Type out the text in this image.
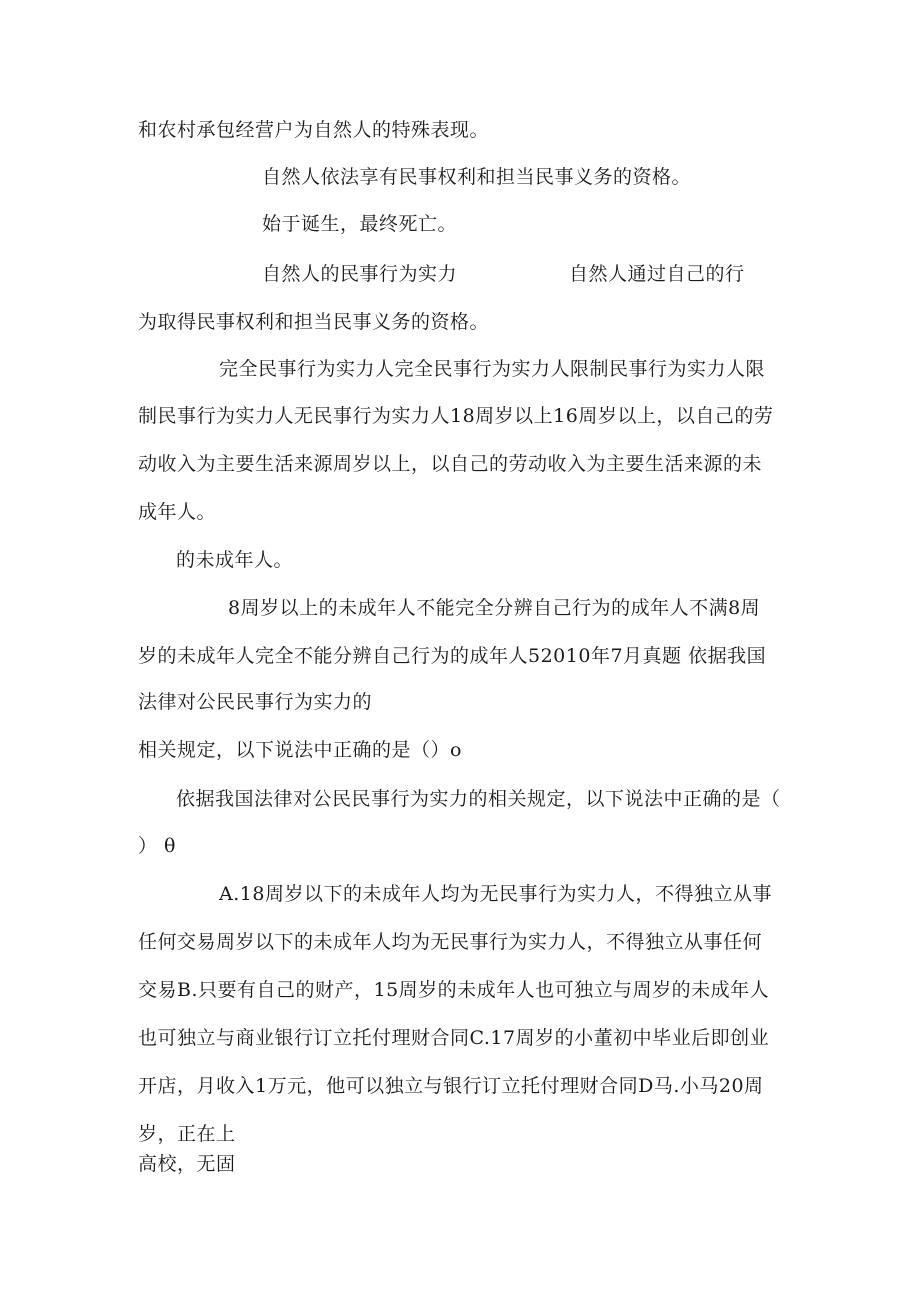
和农村承包经营户为自然人的特殊表现。
自然人依法享有民事权利和担当民事义务的资格。
始于诞生，最终死亡。
自然人的民事行为实力	自然人通过自己的行
为取得民事权利和担当民事义务的资格。
完全民事行为实力人完全民事行为实力人限制民事行为实力人限
制民事行为实力人无民事行为实力人18周岁以上16周岁以上，以自己的劳
动收入为主要生活来源周岁以上，以自己的劳动收入为主要生活来源的未
成年人。
的未成年人。
8周岁以上的未成年人不能完全分辨自己行为的成年人不满8周
岁的未成年人完全不能分辨自己行为的成年人52010年7月真题 依据我国
法律对公民民事行为实力的
相关规定，以下说法中正确的是（）o
依据我国法律对公民民事行为实力的相关规定，以下说法中正确的是（
） θ
A.18周岁以下的未成年人均为无民事行为实力人，不得独立从事
任何交易周岁以下的未成年人均为无民事行为实力人，不得独立从事任何
交易B.只要有自己的财产，15周岁的未成年人也可独立与周岁的未成年人
也可独立与商业银行订立托付理财合同C.17周岁的小董初中毕业后即创业
开店，月收入1万元，他可以独立与银行订立托付理财合同D马.小马20周
岁，正在上
高校，无固
